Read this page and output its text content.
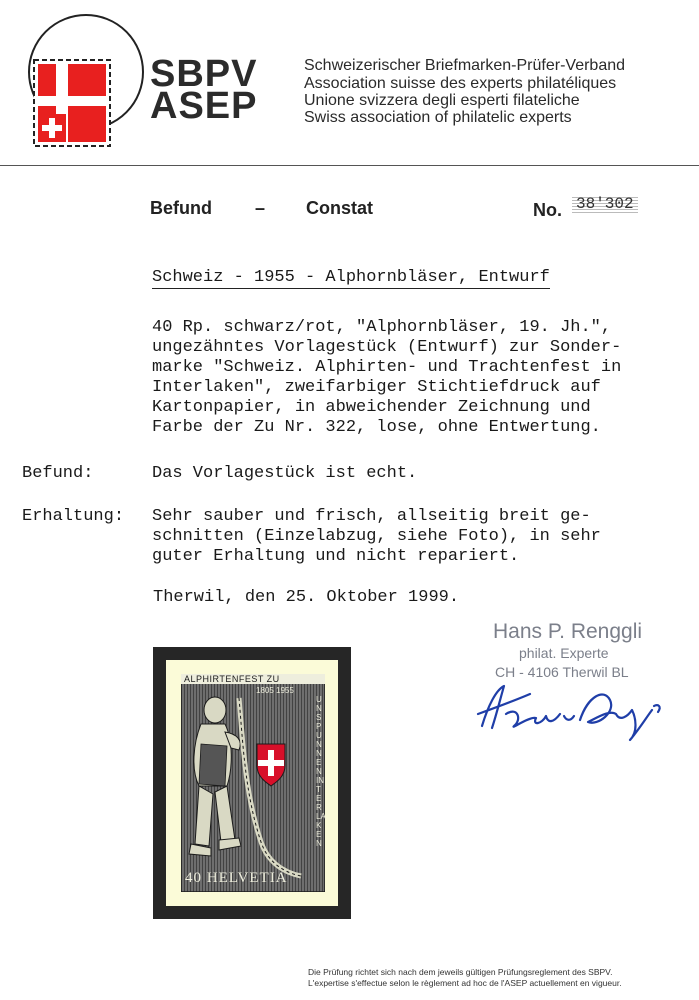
SBPV
ASEP
Schweizerischer Briefmarken-Prüfer-Verband
Association suisse des experts philatéliques
Unione svizzera degli esperti filateliche
Swiss association of philatelic experts
Befund – Constat	No. 38'302
Schweiz - 1955 - Alphornbläser, Entwurf
40 Rp. schwarz/rot, "Alphornbläser, 19. Jh.",
ungezähntes Vorlagestück (Entwurf) zur Sonder-
marke "Schweiz. Alphirten- und Trachtenfest in
Interlaken", zweifarbiger Stichtiefdruck auf
Kartonpapier, in abweichender Zeichnung und
Farbe der Zu Nr. 322, lose, ohne Entwertung.
Befund:	Das Vorlagestück ist echt.
Erhaltung: Sehr sauber und frisch, allseitig breit ge-
schnitten (Einzelabzug, siehe Foto), in sehr
guter Erhaltung und nicht repariert.
Therwil, den 25. Oktober 1999.
Hans P. Renggli
philat. Experte
CH - 4106 Therwil BL
ALPHIRTENFEST ZU
1805 1955
UNSPUNNEN INTERLAKEN
40 HELVETIA
Die Prüfung richtet sich nach dem jeweils gültigen Prüfungsreglement des SBPV.
L'expertise s'effectue selon le règlement ad hoc de l'ASEP actuellement en vigueur.
